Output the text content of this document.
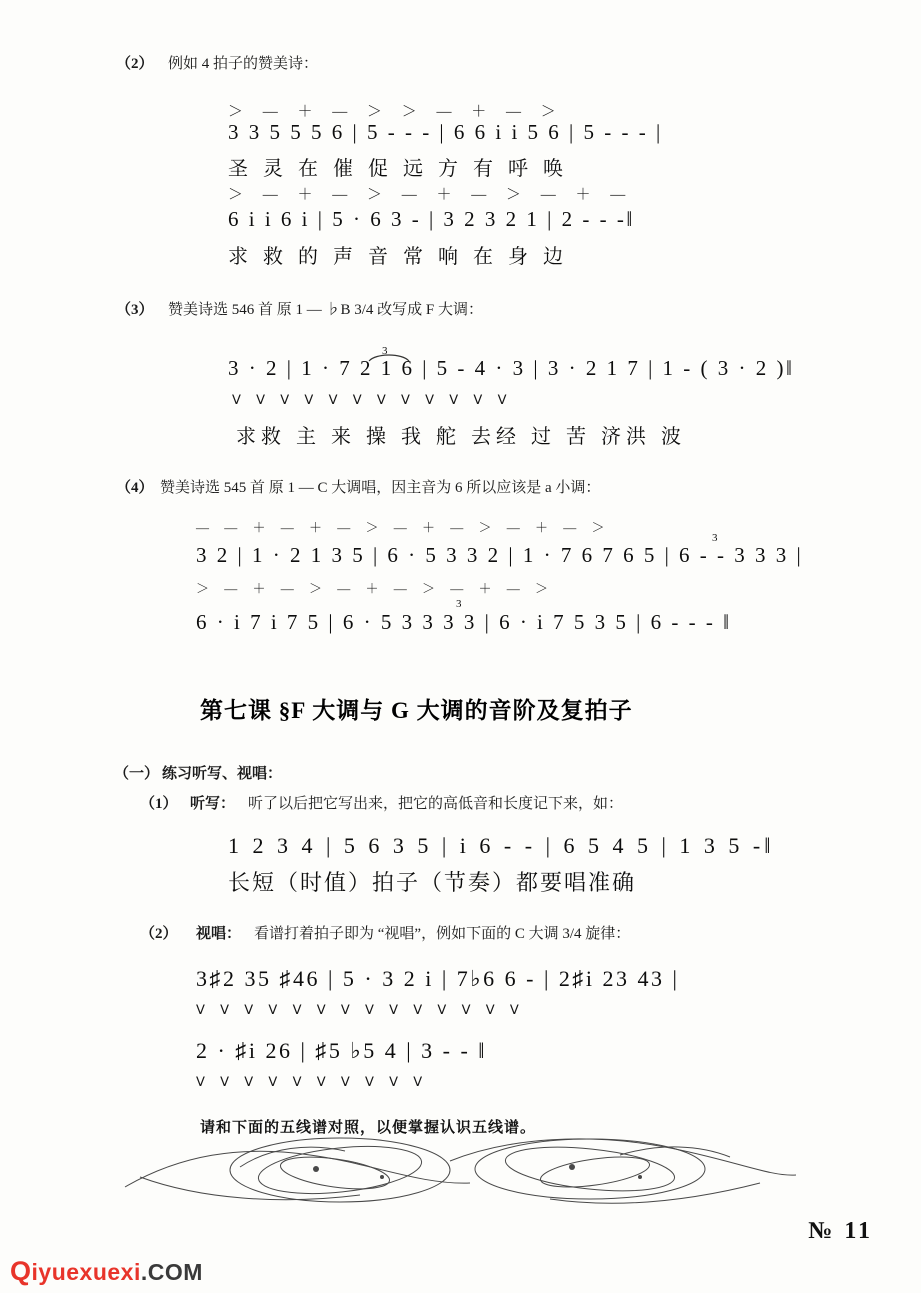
（2） 例如 4 拍子的赞美诗：
＞ — ＋ — ＞ ＞ — ＋ — ＞
3 3 5 5 5 6 | 5 - - - | 6 6 i i 5 6 | 5 - - - |
圣 灵 在 催 促 远 方 有 呼 唤
＞ — ＋ — ＞ — ＋ — ＞ — ＋ —
6 i i 6 i | 5 · 6 3 - | 3 2 3 2 1 | 2 - - -‖
求 救 的 声 音 常 响 在 身 边
（3） 赞美诗选 546 首 原 1 — ♭B 3/4 改写成 F 大调：
3
3 · 2 | 1 · 7 2 1 6 | 5 - 4 · 3 | 3 · 2 1 7 | 1 - ( 3 · 2 )‖
Ⅴ Ⅴ Ⅴ Ⅴ Ⅴ Ⅴ Ⅴ Ⅴ Ⅴ Ⅴ Ⅴ Ⅴ
求救 主 来 操 我 舵 去经 过 苦 济洪 波
（4） 赞美诗选 545 首 原 1 — C 大调唱，因主音为 6 所以应该是 a 小调：
— — ＋ — ＋ — ＞ — ＋ — ＞ — ＋ — ＞
3
3 2 | 1 · 2 1 3 5 | 6 · 5 3 3 2 | 1 · 7 6 7 6 5 | 6 - - 3 3 3 |
＞ — ＋ — ＞ — ＋ — ＞ — ＋ — ＞
3
6 · i 7 i 7 5 | 6 · 5 3 3 3 3 | 6 · i 7 5 3 5 | 6 - - - ‖
第七课 §F 大调与 G 大调的音阶及复拍子
（一） 练习听写、视唱：
（1） 听写： 听了以后把它写出来，把它的高低音和长度记下来，如：
1 2 3 4 | 5 6 3 5 | i 6 - - | 6 5 4 5 | 1 3 5 -‖
长短（时值）拍子（节奏）都要唱准确
（2） 视唱： 看谱打着拍子即为 “视唱”，例如下面的 C 大调 3/4 旋律：
3♯2 35 ♯46 | 5 · 3 2 i | 7♭6 6 - | 2♯i 23 43 |
Ⅴ Ⅴ Ⅴ Ⅴ Ⅴ Ⅴ Ⅴ Ⅴ Ⅴ Ⅴ Ⅴ Ⅴ Ⅴ Ⅴ
2 · ♯i 26 | ♯5 ♭5 4 | 3 - - ‖
Ⅴ Ⅴ Ⅴ Ⅴ Ⅴ Ⅴ Ⅴ Ⅴ Ⅴ Ⅴ
请和下面的五线谱对照，以便掌握认识五线谱。
№ 11
Qiyuexuexi.COM
